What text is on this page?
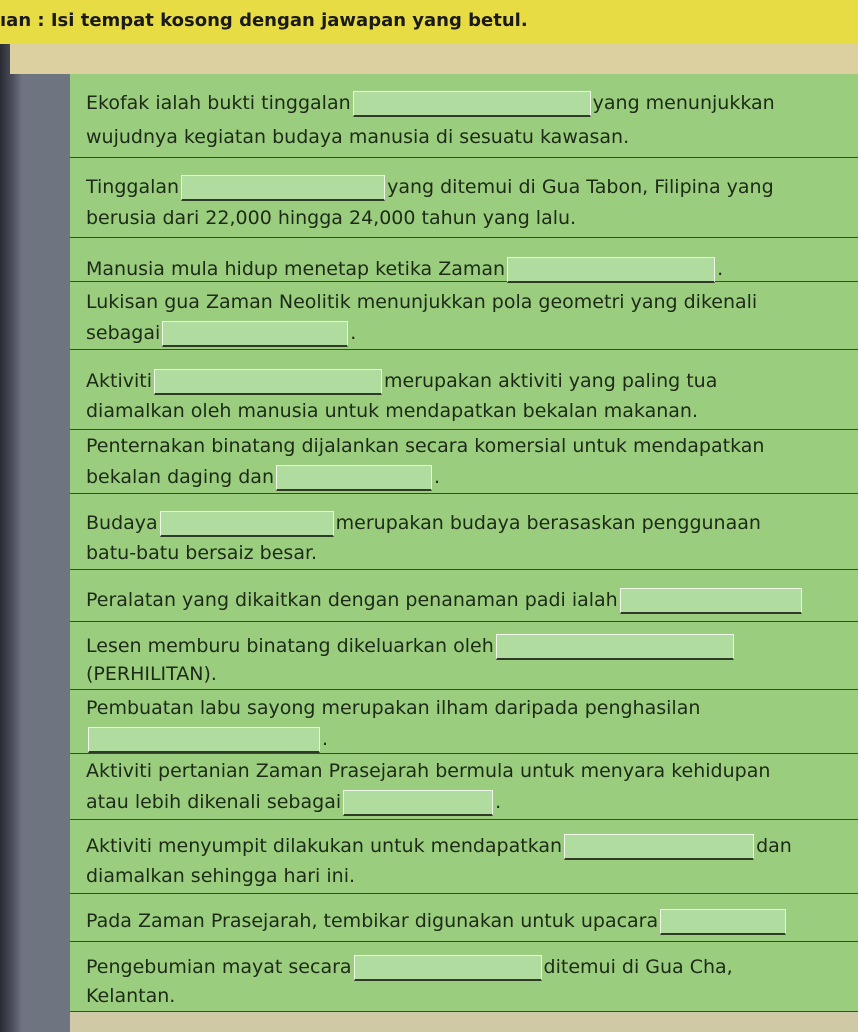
ıan : Isi tempat kosong dengan jawapan yang betul.
Ekofak ialah bukti tinggalan	yang menunjukkan
wujudnya kegiatan budaya manusia di sesuatu kawasan.
Tinggalan	yang ditemui di Gua Tabon, Filipina yang
berusia dari 22,000 hingga 24,000 tahun yang lalu.
Manusia mula hidup menetap ketika Zaman	.
Lukisan gua Zaman Neolitik menunjukkan pola geometri yang dikenali
sebagai	.
Aktiviti	merupakan aktiviti yang paling tua
diamalkan oleh manusia untuk mendapatkan bekalan makanan.
Penternakan binatang dijalankan secara komersial untuk mendapatkan
bekalan daging dan	.
Budaya	merupakan budaya berasaskan penggunaan
batu-batu bersaiz besar.
Peralatan yang dikaitkan dengan penanaman padi ialah
Lesen memburu binatang dikeluarkan oleh
(PERHILITAN).
Pembuatan labu sayong merupakan ilham daripada penghasilan
.
Aktiviti pertanian Zaman Prasejarah bermula untuk menyara kehidupan
atau lebih dikenali sebagai	.
Aktiviti menyumpit dilakukan untuk mendapatkan	dan
diamalkan sehingga hari ini.
Pada Zaman Prasejarah, tembikar digunakan untuk upacara
Pengebumian mayat secara	ditemui di Gua Cha,
Kelantan.
